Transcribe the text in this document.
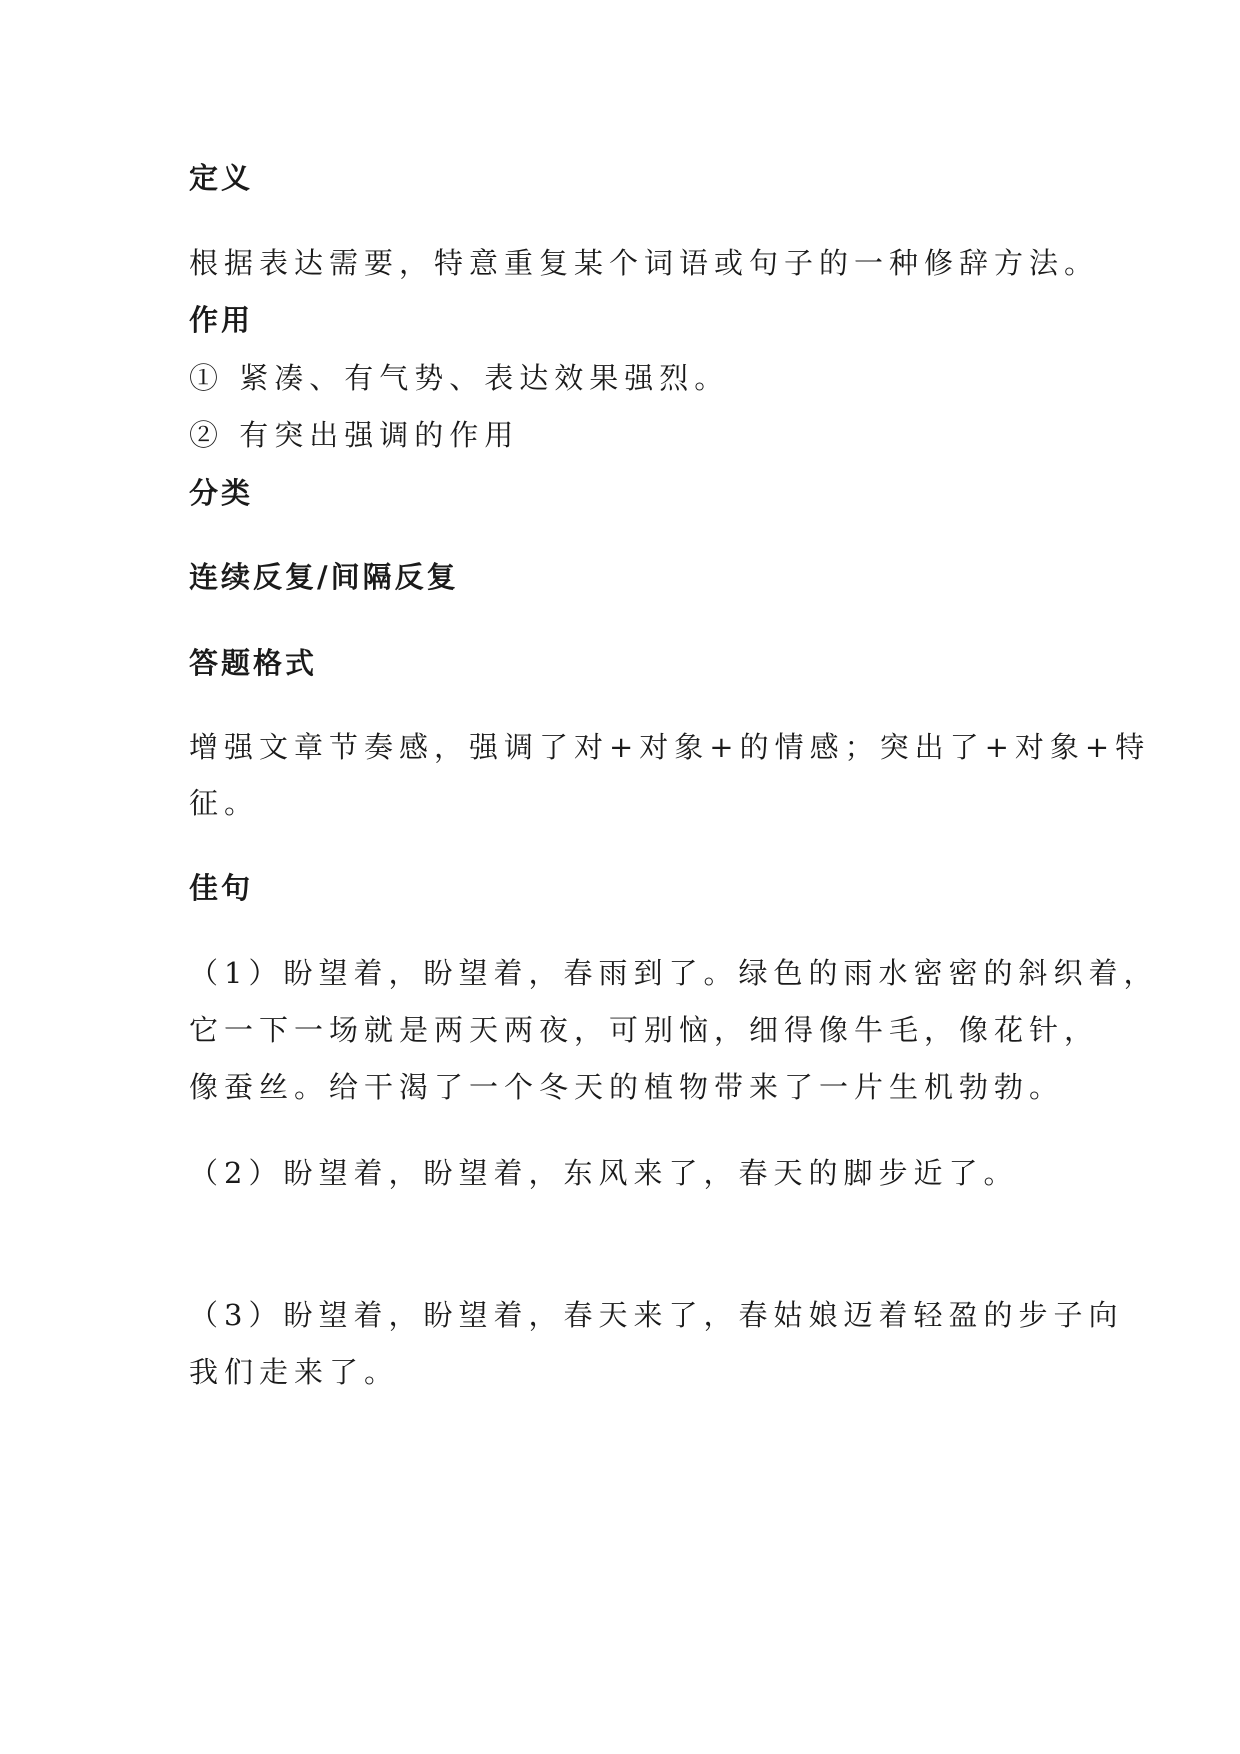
定义
根据表达需要，特意重复某个词语或句子的一种修辞方法。
作用
① 紧凑、有气势、表达效果强烈。
② 有突出强调的作用
分类
连续反复/间隔反复
答题格式
增强文章节奏感，强调了对+对象+的情感；突出了+对象+特
征。
佳句
（1）盼望着，盼望着，春雨到了。绿色的雨水密密的斜织着，
它一下一场就是两天两夜，可别恼，细得像牛毛，像花针，
像蚕丝。给干渴了一个冬天的植物带来了一片生机勃勃。
（2）盼望着，盼望着，东风来了，春天的脚步近了。
（3）盼望着，盼望着，春天来了，春姑娘迈着轻盈的步子向
我们走来了。
